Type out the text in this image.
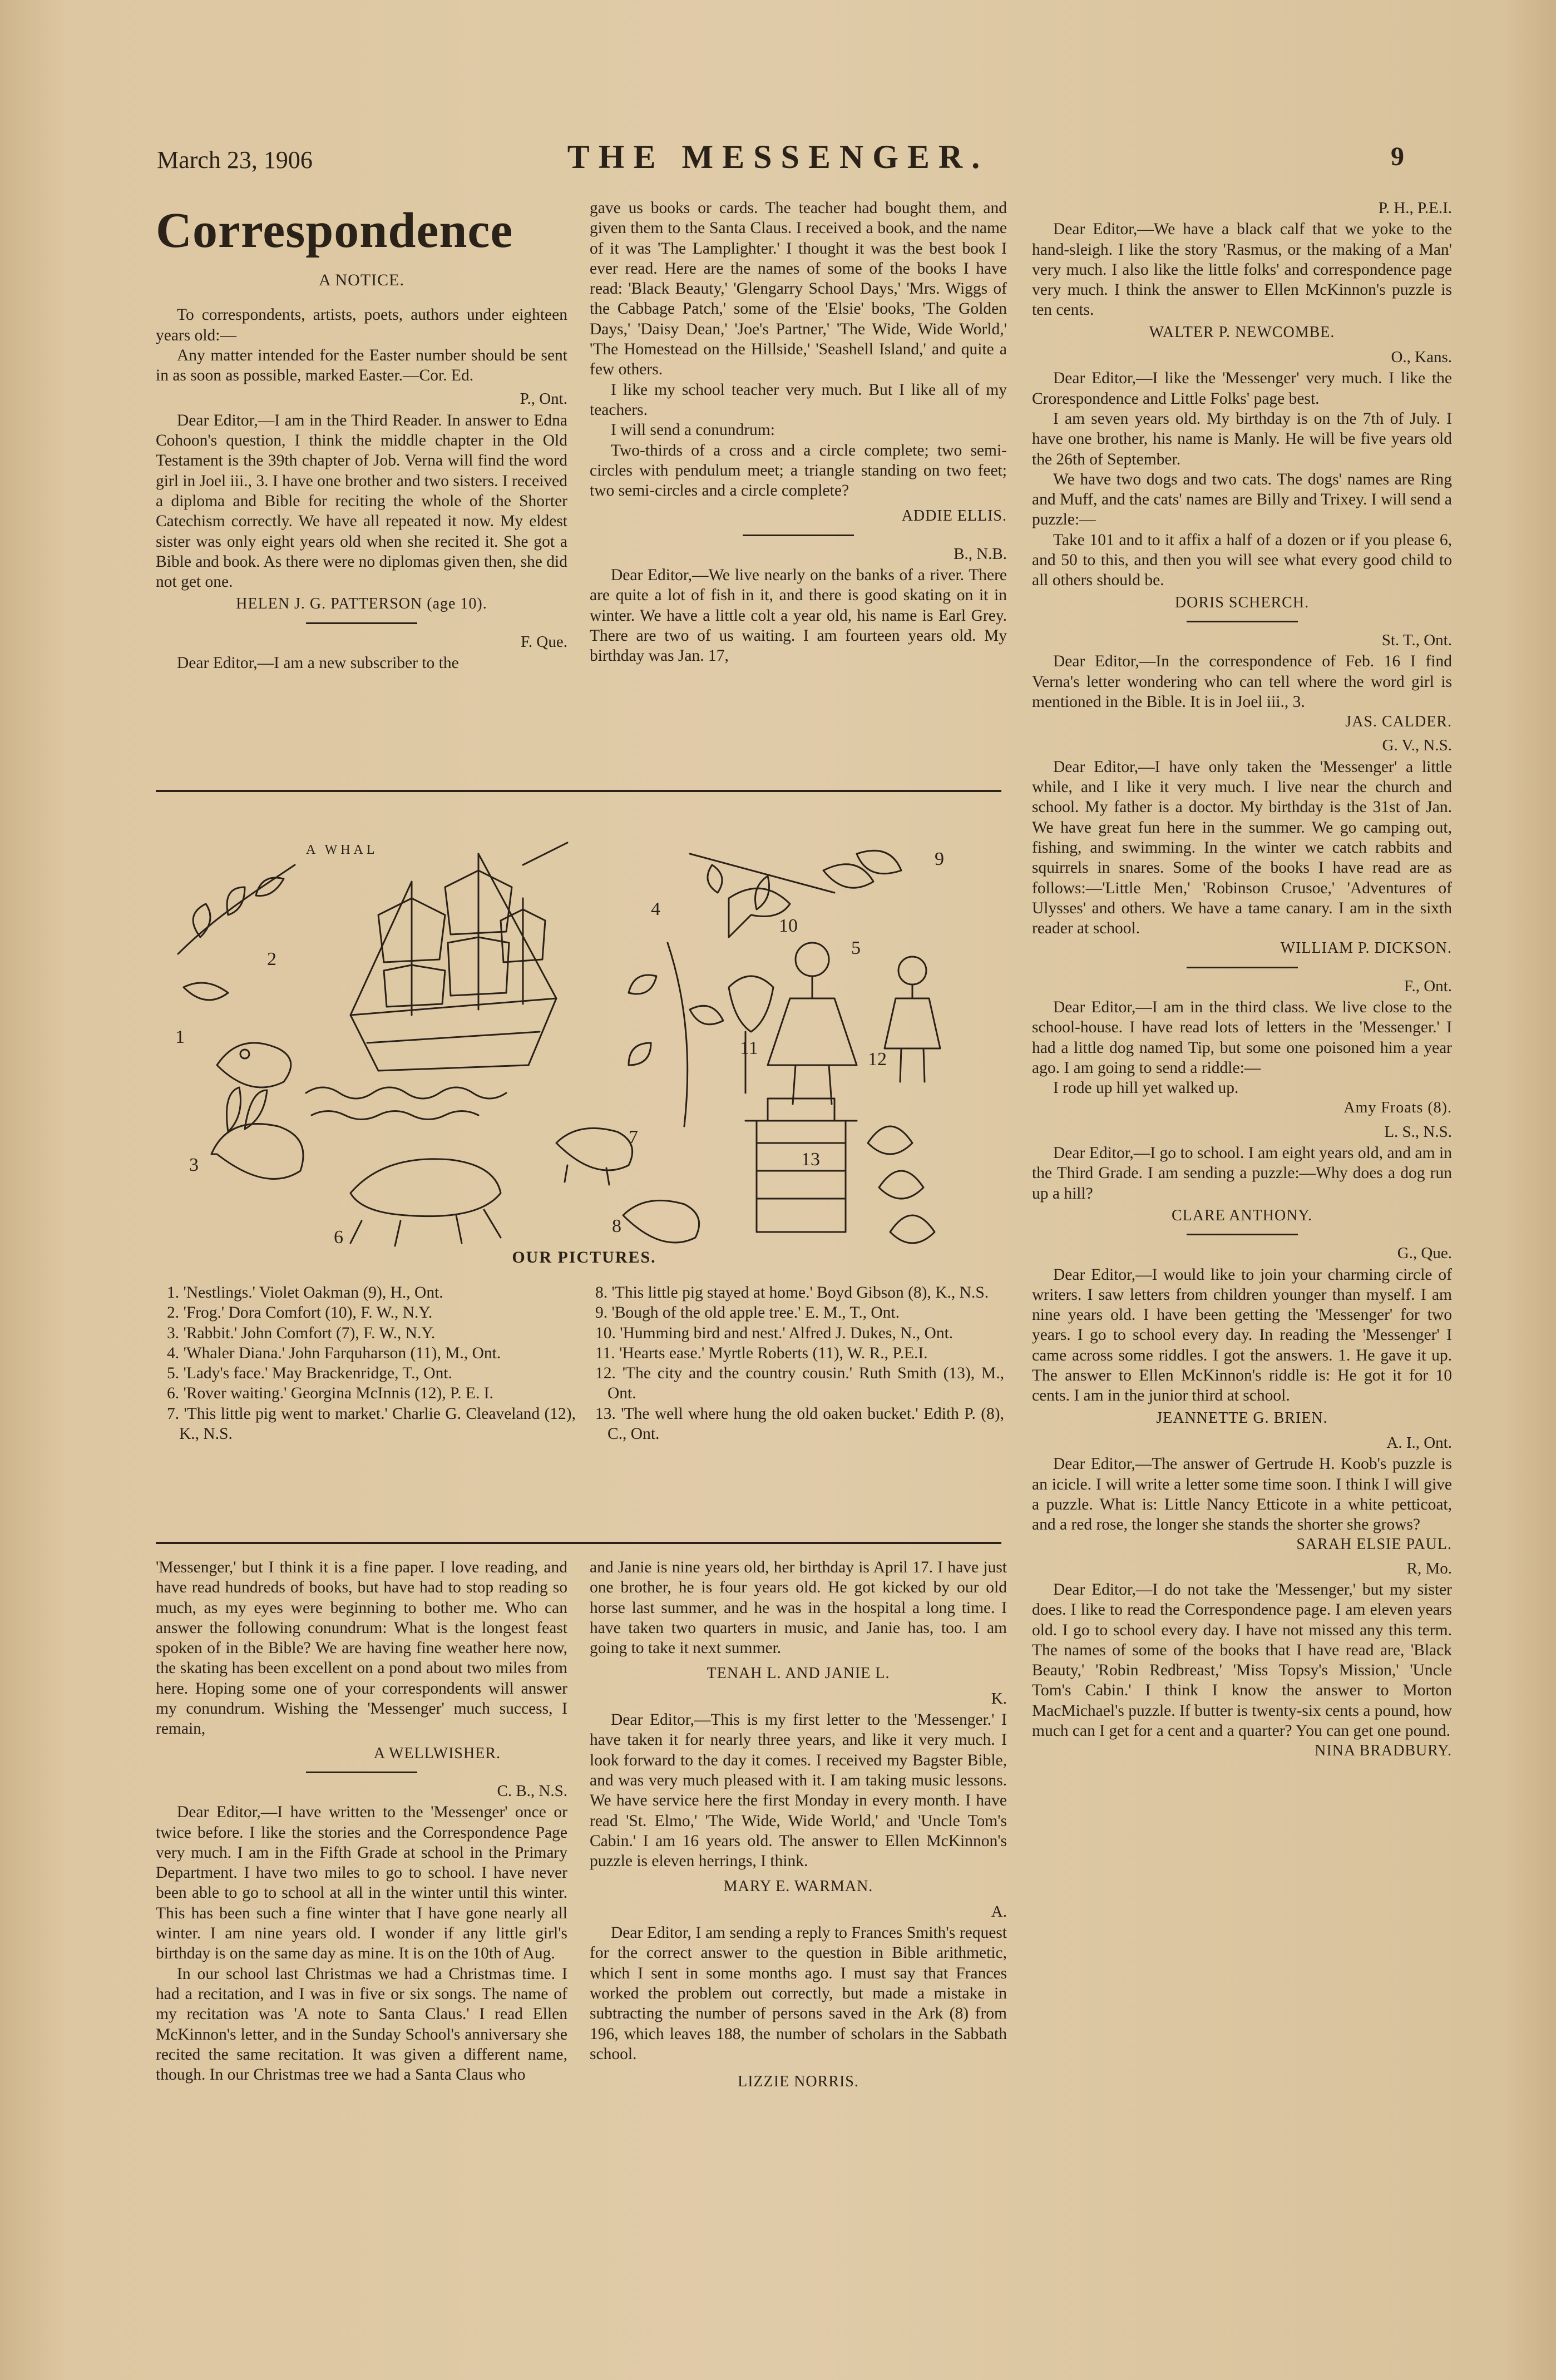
March 23, 1906	THE MESSENGER.	9
Correspondence
A NOTICE.

To correspondents, artists, poets, authors under eighteen years old:—

Any matter intended for the Easter number should be sent in as soon as possible, marked Easter.—Cor. Ed.

P., Ont.

Dear Editor,—I am in the Third Reader. In answer to Edna Cohoon's question, I think the middle chapter in the Old Testament is the 39th chapter of Job. Verna will find the word girl in Joel iii., 3. I have one brother and two sisters. I received a diploma and Bible for reciting the whole of the Shorter Catechism correctly. We have all repeated it now. My eldest sister was only eight years old when she recited it. She got a Bible and book. As there were no diplomas given then, she did not get one.

HELEN J. G. PATTERSON (age 10).
F. Que.

Dear Editor,—I am a new subscriber to the

gave us books or cards. The teacher had bought them, and given them to the Santa Claus. I received a book, and the name of it was 'The Lamplighter.' I thought it was the best book I ever read. Here are the names of some of the books I have read: 'Black Beauty,' 'Glengarry School Days,' 'Mrs. Wiggs of the Cabbage Patch,' some of the 'Elsie' books, 'The Golden Days,' 'Daisy Dean,' 'Joe's Partner,' 'The Wide, Wide World,' 'The Homestead on the Hillside,' 'Seashell Island,' and quite a few others.

I like my school teacher very much. But I like all of my teachers.

I will send a conundrum:

Two-thirds of a cross and a circle complete; two semi-circles with pendulum meet; a triangle standing on two feet; two semi-circles and a circle complete?

ADDIE ELLIS.
B., N.B.

Dear Editor,—We live nearly on the banks of a river. There are quite a lot of fish in it, and there is good skating on it in winter. We have a little colt a year old, his name is Earl Grey. There are two of us waiting. I am fourteen years old. My birthday was Jan. 17,

P. H., P.E.I.

Dear Editor,—We have a black calf that we yoke to the hand-sleigh. I like the story 'Rasmus, or the making of a Man' very much. I also like the little folks' and correspondence page very much. I think the answer to Ellen McKinnon's puzzle is ten cents.

WALTER P. NEWCOMBE.
O., Kans.

Dear Editor,—I like the 'Messenger' very much. I like the Crorespondence and Little Folks' page best.

I am seven years old. My birthday is on the 7th of July. I have one brother, his name is Manly. He will be five years old the 26th of September.

We have two dogs and two cats. The dogs' names are Ring and Muff, and the cats' names are Billy and Trixey. I will send a puzzle:—

Take 101 and to it affix a half of a dozen or if you please 6, and 50 to this, and then you will see what every good child to all others should be.

DORIS SCHERCH.
St. T., Ont.

Dear Editor,—In the correspondence of Feb. 16 I find Verna's letter wondering who can tell where the word girl is mentioned in the Bible. It is in Joel iii., 3.

JAS. CALDER.
G. V., N.S.

Dear Editor,—I have only taken the 'Messenger' a little while, and I like it very much. I live near the church and school. My father is a doctor. My birthday is the 31st of Jan. We have great fun here in the summer. We go camping out, fishing, and swimming. In the winter we catch rabbits and squirrels in snares. Some of the books I have read are as follows:—'Little Men,' 'Robinson Crusoe,' 'Adventures of Ulysses' and others. We have a tame canary. I am in the sixth reader at school.

WILLIAM P. DICKSON.
F., Ont.

Dear Editor,—I am in the third class. We live close to the school-house. I have read lots of letters in the 'Messenger.' I had a little dog named Tip, but some one poisoned him a year ago. I am going to send a riddle:—

I rode up hill yet walked up.

Amy Froats (8).
L. S., N.S.

Dear Editor,—I go to school. I am eight years old, and am in the Third Grade. I am sending a puzzle:—Why does a dog run up a hill?

CLARE ANTHONY.
G., Que.

Dear Editor,—I would like to join your charming circle of writers. I saw letters from children younger than myself. I am nine years old. I have been getting the 'Messenger' for two years. I go to school every day. In reading the 'Messenger' I came across some riddles. I got the answers. 1. He gave it up. The answer to Ellen McKinnon's riddle is: He got it for 10 cents. I am in the junior third at school.

JEANNETTE G. BRIEN.
A. I., Ont.

Dear Editor,—The answer of Gertrude H. Koob's puzzle is an icicle. I will write a letter some time soon. I think I will give a puzzle. What is: Little Nancy Etticote in a white petticoat, and a red rose, the longer she stands the shorter she grows?

SARAH ELSIE PAUL.
R, Mo.

Dear Editor,—I do not take the 'Messenger,' but my sister does. I like to read the Correspondence page. I am eleven years old. I go to school every day. I have not missed any this term. The names of some of the books that I have read are, 'Black Beauty,' 'Robin Redbreast,' 'Miss Topsy's Mission,' 'Uncle Tom's Cabin.' I think I know the answer to Morton MacMichael's puzzle. If butter is twenty-six cents a pound, how much can I get for a cent and a quarter? You can get one pound.

NINA BRADBURY.
A WHAL
1
2
3
4
5
6
7
8
9
10
11
12
13
OUR PICTURES.

1. 'Nestlings.' Violet Oakman (9), H., Ont.

2. 'Frog.' Dora Comfort (10), F. W., N.Y.

3. 'Rabbit.' John Comfort (7), F. W., N.Y.

4. 'Whaler Diana.' John Farquharson (11), M., Ont.

5. 'Lady's face.' May Brackenridge, T., Ont.

6. 'Rover waiting.' Georgina McInnis (12), P. E. I.

7. 'This little pig went to market.' Charlie G. Cleaveland (12), K., N.S.

8. 'This little pig stayed at home.' Boyd Gibson (8), K., N.S.

9. 'Bough of the old apple tree.' E. M., T., Ont.

10. 'Humming bird and nest.' Alfred J. Dukes, N., Ont.

11. 'Hearts ease.' Myrtle Roberts (11), W. R., P.E.I.

12. 'The city and the country cousin.' Ruth Smith (13), M., Ont.

13. 'The well where hung the old oaken bucket.' Edith P. (8), C., Ont.

'Messenger,' but I think it is a fine paper. I love reading, and have read hundreds of books, but have had to stop reading so much, as my eyes were beginning to bother me. Who can answer the following conundrum: What is the longest feast spoken of in the Bible? We are having fine weather here now, the skating has been excellent on a pond about two miles from here. Hoping some one of your correspondents will answer my conundrum. Wishing the 'Messenger' much success, I remain,

A WELLWISHER.
C. B., N.S.

Dear Editor,—I have written to the 'Messenger' once or twice before. I like the stories and the Correspondence Page very much. I am in the Fifth Grade at school in the Primary Department. I have two miles to go to school. I have never been able to go to school at all in the winter until this winter. This has been such a fine winter that I have gone nearly all winter. I am nine years old. I wonder if any little girl's birthday is on the same day as mine. It is on the 10th of Aug.

In our school last Christmas we had a Christmas time. I had a recitation, and I was in five or six songs. The name of my recitation was 'A note to Santa Claus.' I read Ellen McKinnon's letter, and in the Sunday School's anniversary she recited the same recitation. It was given a different name, though. In our Christmas tree we had a Santa Claus who

and Janie is nine years old, her birthday is April 17. I have just one brother, he is four years old. He got kicked by our old horse last summer, and he was in the hospital a long time. I have taken two quarters in music, and Janie has, too. I am going to take it next summer.

TENAH L. AND JANIE L.
K.

Dear Editor,—This is my first letter to the 'Messenger.' I have taken it for nearly three years, and like it very much. I look forward to the day it comes. I received my Bagster Bible, and was very much pleased with it. I am taking music lessons. We have service here the first Monday in every month. I have read 'St. Elmo,' 'The Wide, Wide World,' and 'Uncle Tom's Cabin.' I am 16 years old. The answer to Ellen McKinnon's puzzle is eleven herrings, I think.

MARY E. WARMAN.
A.

Dear Editor, I am sending a reply to Frances Smith's request for the correct answer to the question in Bible arithmetic, which I sent in some months ago. I must say that Frances worked the problem out correctly, but made a mistake in subtracting the number of persons saved in the Ark (8) from 196, which leaves 188, the number of scholars in the Sabbath school.

LIZZIE NORRIS.
